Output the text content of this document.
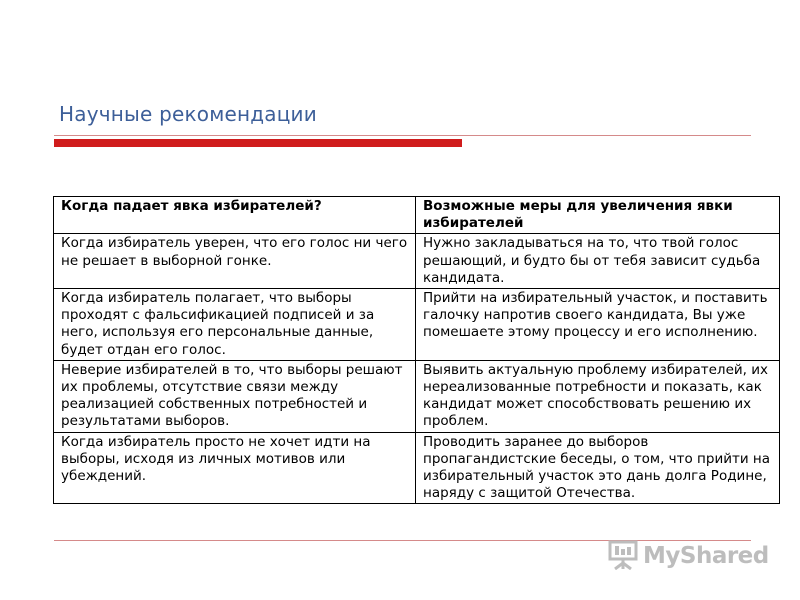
Научные рекомендации
Когда падает явка избирателей?	Возможные меры для увеличения явки избирателей
Когда избиратель уверен, что его голос ни чего не решает в выборной гонке.	Нужно закладываться на то, что твой голос решающий, и будто бы от тебя зависит судьба кандидата.
Когда избиратель полагает, что выборы проходят с фальсификацией подписей и за него, используя его персональные данные, будет отдан его голос.	Прийти на избирательный участок, и поставить галочку напротив своего кандидата, Вы уже помешаете этому процессу и его исполнению.
Неверие избирателей в то, что выборы решают их проблемы, отсутствие связи между реализацией собственных потребностей и результатами выборов.	Выявить актуальную проблему избирателей, их нереализованные потребности и показать, как кандидат может способствовать решению их проблем.
Когда избиратель просто не хочет идти на выборы, исходя из личных мотивов или убеждений.	Проводить заранее до выборов пропагандистские беседы, о том, что прийти на избирательный участок это дань долга Родине, наряду с защитой Отечества.
MyShared
